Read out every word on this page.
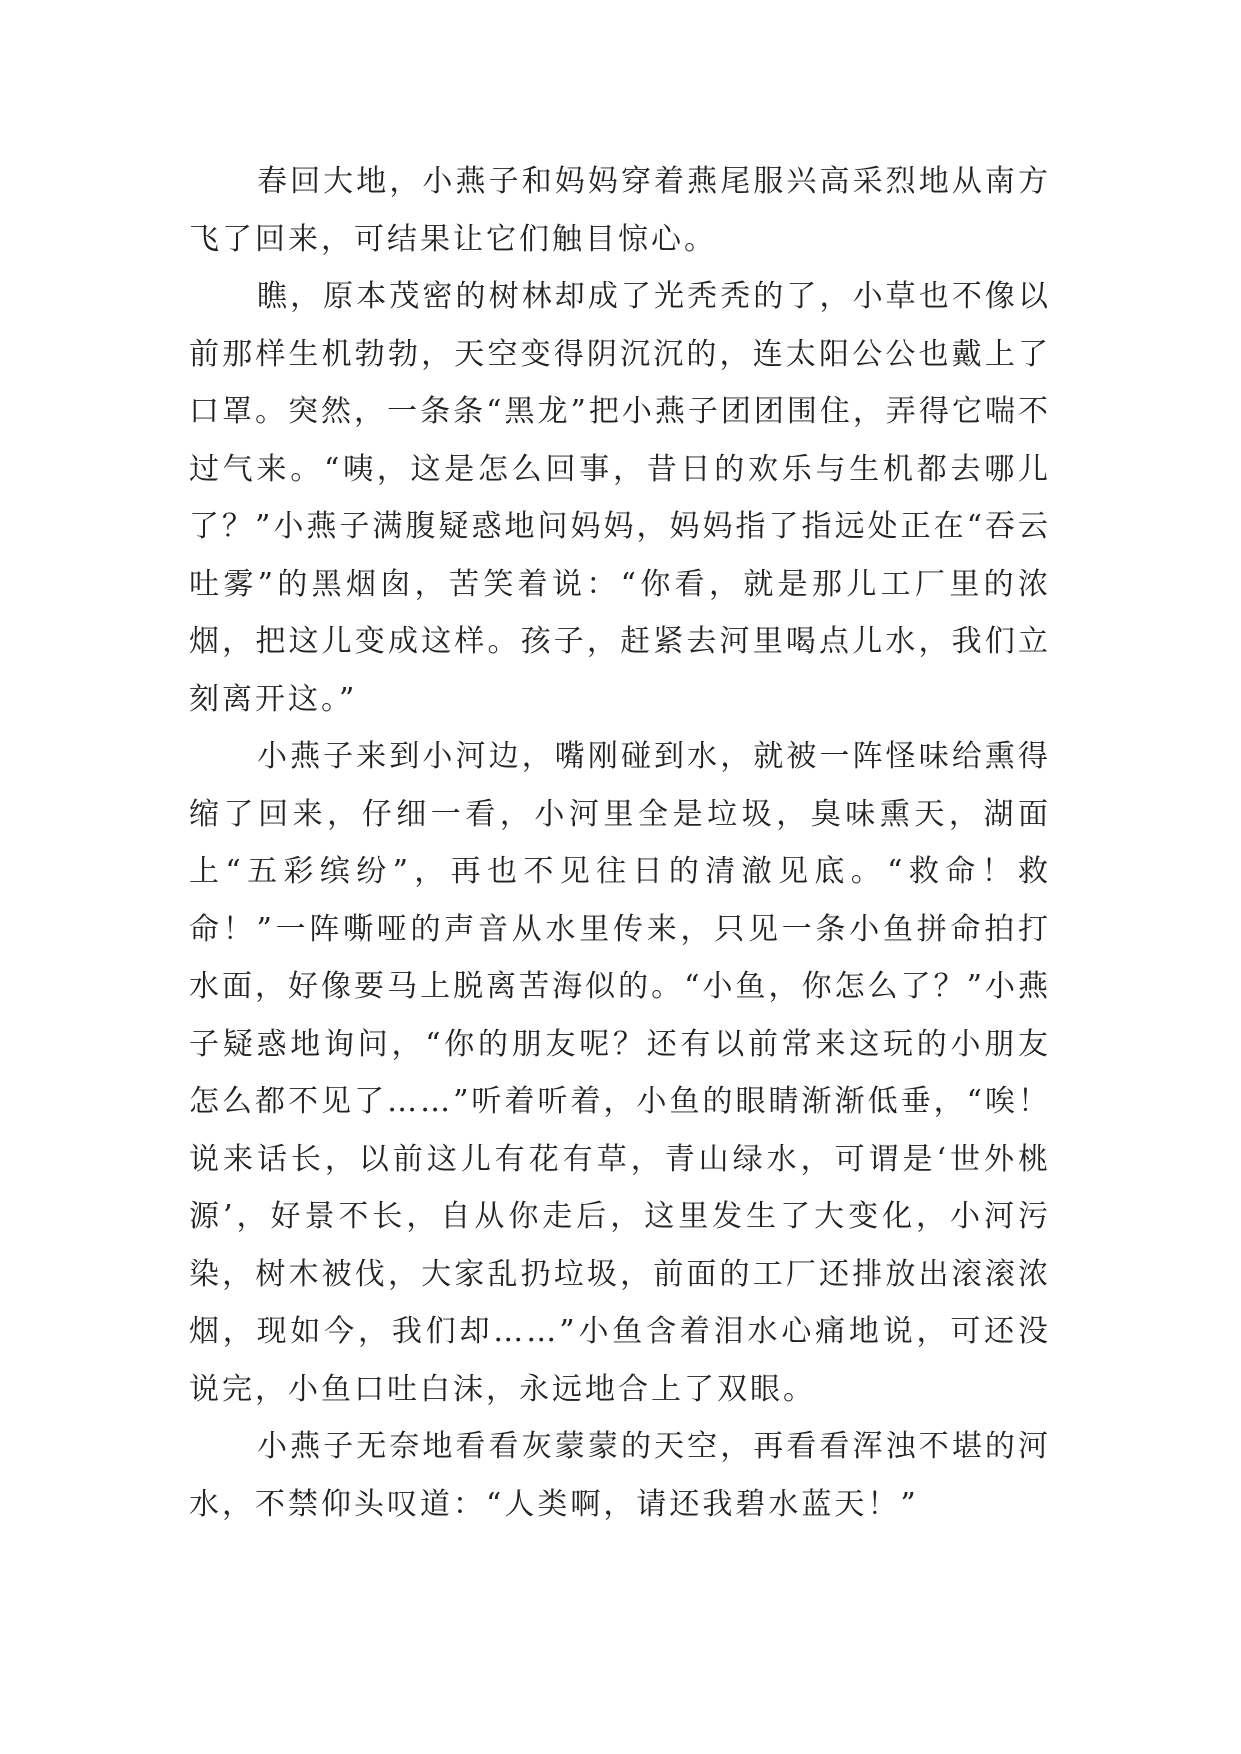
春回大地，小燕子和妈妈穿着燕尾服兴高采烈地从南方飞了回来，可结果让它们触目惊心。

瞧，原本茂密的树林却成了光秃秃的了，小草也不像以前那样生机勃勃，天空变得阴沉沉的，连太阳公公也戴上了口罩。突然，一条条“黑龙”把小燕子团团围住，弄得它喘不过气来。“咦，这是怎么回事，昔日的欢乐与生机都去哪儿了？”小燕子满腹疑惑地问妈妈，妈妈指了指远处正在“吞云吐雾”的黑烟囱，苦笑着说：“你看，就是那儿工厂里的浓烟，把这儿变成这样。孩子，赶紧去河里喝点儿水，我们立刻离开这。”

小燕子来到小河边，嘴刚碰到水，就被一阵怪味给熏得缩了回来，仔细一看，小河里全是垃圾，臭味熏天，湖面上“五彩缤纷”，再也不见往日的清澈见底。“救命！救命！”一阵嘶哑的声音从水里传来，只见一条小鱼拼命拍打水面，好像要马上脱离苦海似的。“小鱼，你怎么了？”小燕子疑惑地询问，“你的朋友呢？还有以前常来这玩的小朋友怎么都不见了……”听着听着，小鱼的眼睛渐渐低垂，“唉！说来话长，以前这儿有花有草，青山绿水，可谓是‘世外桃源’，好景不长，自从你走后，这里发生了大变化，小河污染，树木被伐，大家乱扔垃圾，前面的工厂还排放出滚滚浓烟，现如今，我们却……”小鱼含着泪水心痛地说，可还没说完，小鱼口吐白沫，永远地合上了双眼。

小燕子无奈地看看灰蒙蒙的天空，再看看浑浊不堪的河水，不禁仰头叹道：“人类啊，请还我碧水蓝天！”
